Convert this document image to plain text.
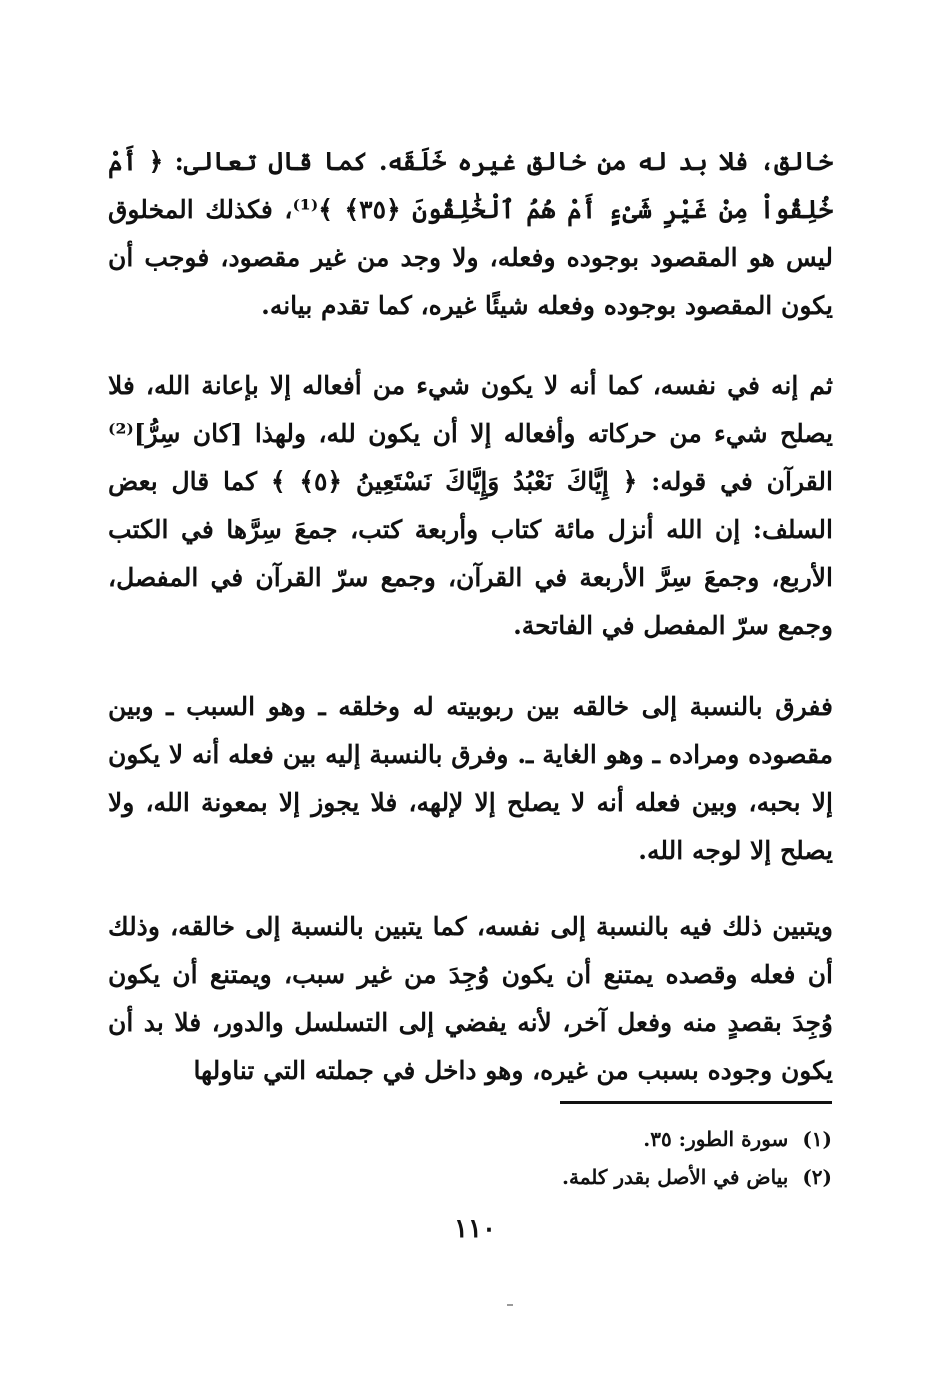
خالق، فلا بد له من خالق غيره خَلَقَه. كما قال تعالى: ﴿ أَمْ خُلِقُواْ مِنْ غَيْرِ شَىْءٍ أَمْ هُمُ ٱلْخَٰلِقُونَ ﴿٣٥﴾ ﴾⁽¹⁾، فكذلك المخلوق ليس هو المقصود بوجوده وفعله، ولا وجد من غير مقصود، فوجب أن يكون المقصود بوجوده وفعله شيئًا غيره، كما تقدم بيانه.

ثم إنه في نفسه، كما أنه لا يكون شيء من أفعاله إلا بإعانة الله، فلا يصلح شيء من حركاته وأفعاله إلا أن يكون لله، ولهذا [كان سِرُّ]⁽²⁾ القرآن في قوله: ﴿ إِيَّاكَ نَعْبُدُ وَإِيَّاكَ نَسْتَعِينُ ﴿٥﴾ ﴾ كما قال بعض السلف: إن الله أنزل مائة كتاب وأربعة كتب، جمعَ سِرَّها في الكتب الأربع، وجمعَ سِرَّ الأربعة في القرآن، وجمع سرّ القرآن في المفصل، وجمع سرّ المفصل في الفاتحة.

ففرق بالنسبة إلى خالقه بين ربوبيته له وخلقه ـ وهو السبب ـ وبين مقصوده ومراده ـ وهو الغاية ـ. وفرق بالنسبة إليه بين فعله أنه لا يكون إلا بحبه، وبين فعله أنه لا يصلح إلا لإلهه، فلا يجوز إلا بمعونة الله، ولا يصلح إلا لوجه الله.

ويتبين ذلك فيه بالنسبة إلى نفسه، كما يتبين بالنسبة إلى خالقه، وذلك أن فعله وقصده يمتنع أن يكون وُجِدَ من غير سبب، ويمتنع أن يكون وُجِدَ بقصدٍ منه وفعل آخر، لأنه يفضي إلى التسلسل والدور، فلا بد أن يكون وجوده بسبب من غيره، وهو داخل في جملته التي تناولها

(١)سورة الطور: ٣٥.
(٢)بياض في الأصل بقدر كلمة.
١١٠
